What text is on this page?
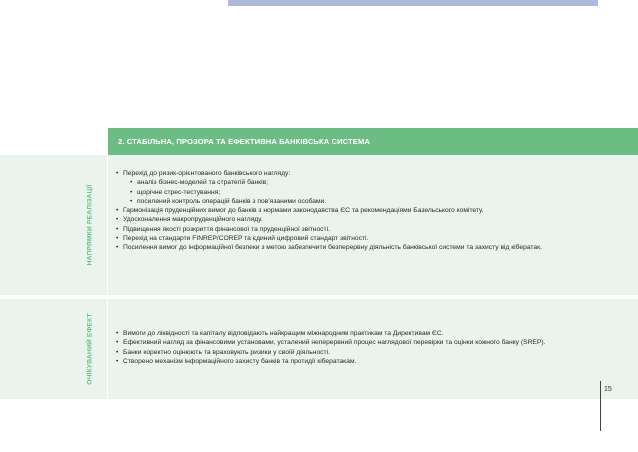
2. СТАБІЛЬНА, ПРОЗОРА ТА ЕФЕКТИВНА БАНКІВСЬКА СИСТЕМА
НАПРЯМКИ РЕАЛІЗАЦІЇ
• Перехід до ризик-орієнтованого банківського нагляду:
• аналіз бізнес-моделей та стратегій банків;
• щорічне стрес-тестування;
• посилений контроль операцій банків з пов’язаними особами.
• Гармонізація пруденційних вимог до банків з нормами законодавства ЄС та рекомендаціями Базельського комітету.
• Удосконалення макропруденційного нагляду.
• Підвищення якості розкриття фінансової та пруденційної звітності.
• Перехід на стандарти FINREP/COREP та єдиний цифровий стандарт звітності.
• Посилення вимог до інформаційної безпеки з метою забезпечити безперервну діяльність банківської системи та захисту від кібератак.
ОЧІКУВАНИЙ ЕФЕКТ
•	Вимоги до ліквідності та капіталу відповідають найкращим міжнародним практикам та Директивам ЄС.
• Ефективний нагляд за фінансовими установами, усталений неперервний процес наглядової перевірки та оцінки кожного банку (SREP).
• Банки коректно оцінюють та враховують ризики у своїй діяльності.
• Створено механізм інформаційного захисту банків та протидії кібератакам.
15
